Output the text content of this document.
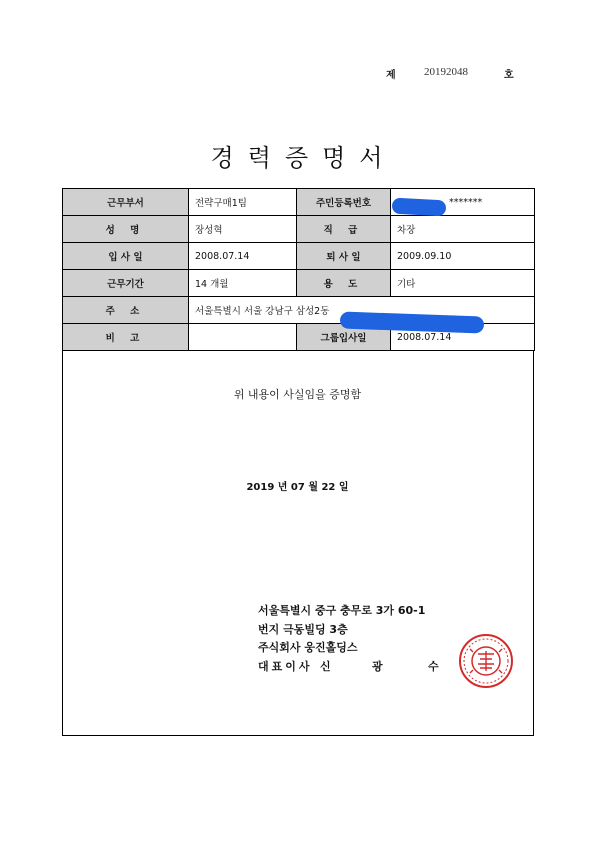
제	20192048	호
경력증명서
근무부서	전략구매1팀	주민등록번호	*******
성 명	장성혁	직 급	차장
입 사 일	2008.07.14	퇴 사 일	2009.09.10
근무기간	14 개월	용 도	기타
주 소	서울특별시 서울 강남구 삼성2동		
비 고		그룹입사일	2008.07.14
위 내용이 사실임을 증명함
2019 년 07 월 22 일
서울특별시 중구 충무로 3가 60-1
번지 극동빌딩 3층
주식회사 웅진홀딩스
대표이사 신	광	수
